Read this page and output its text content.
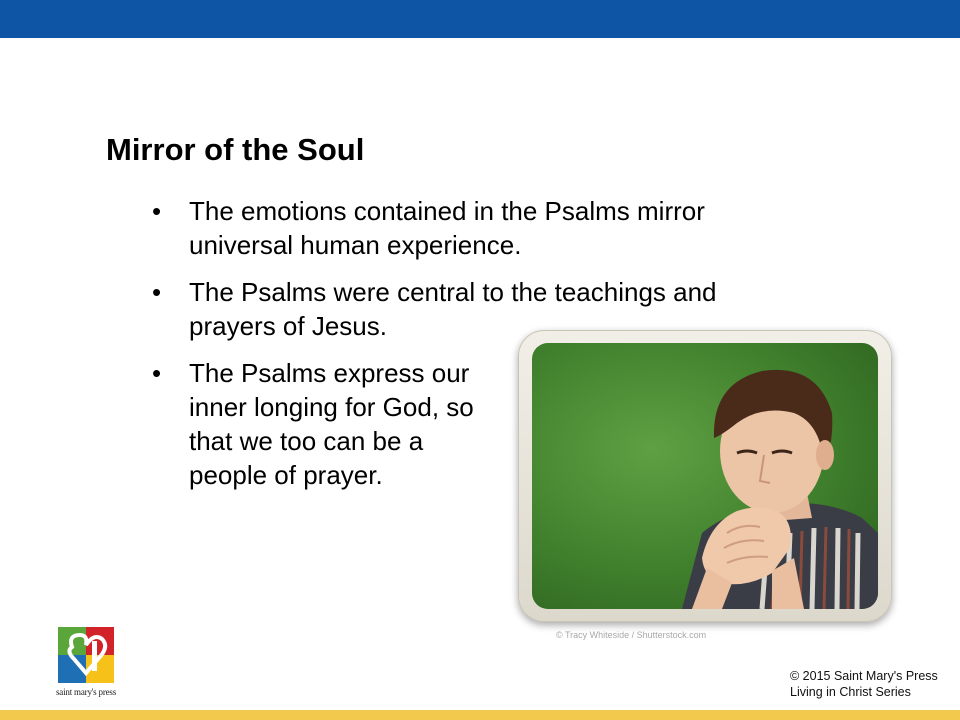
Mirror of the Soul
• The emotions contained in the Psalms mirror universal human experience.
• The Psalms were central to the teachings and prayers of Jesus.
• The Psalms express our inner longing for God, so that we too can be a people of prayer.
© Tracy Whiteside / Shutterstock.com
saint mary's press
© 2015 Saint Mary's Press
Living in Christ Series
